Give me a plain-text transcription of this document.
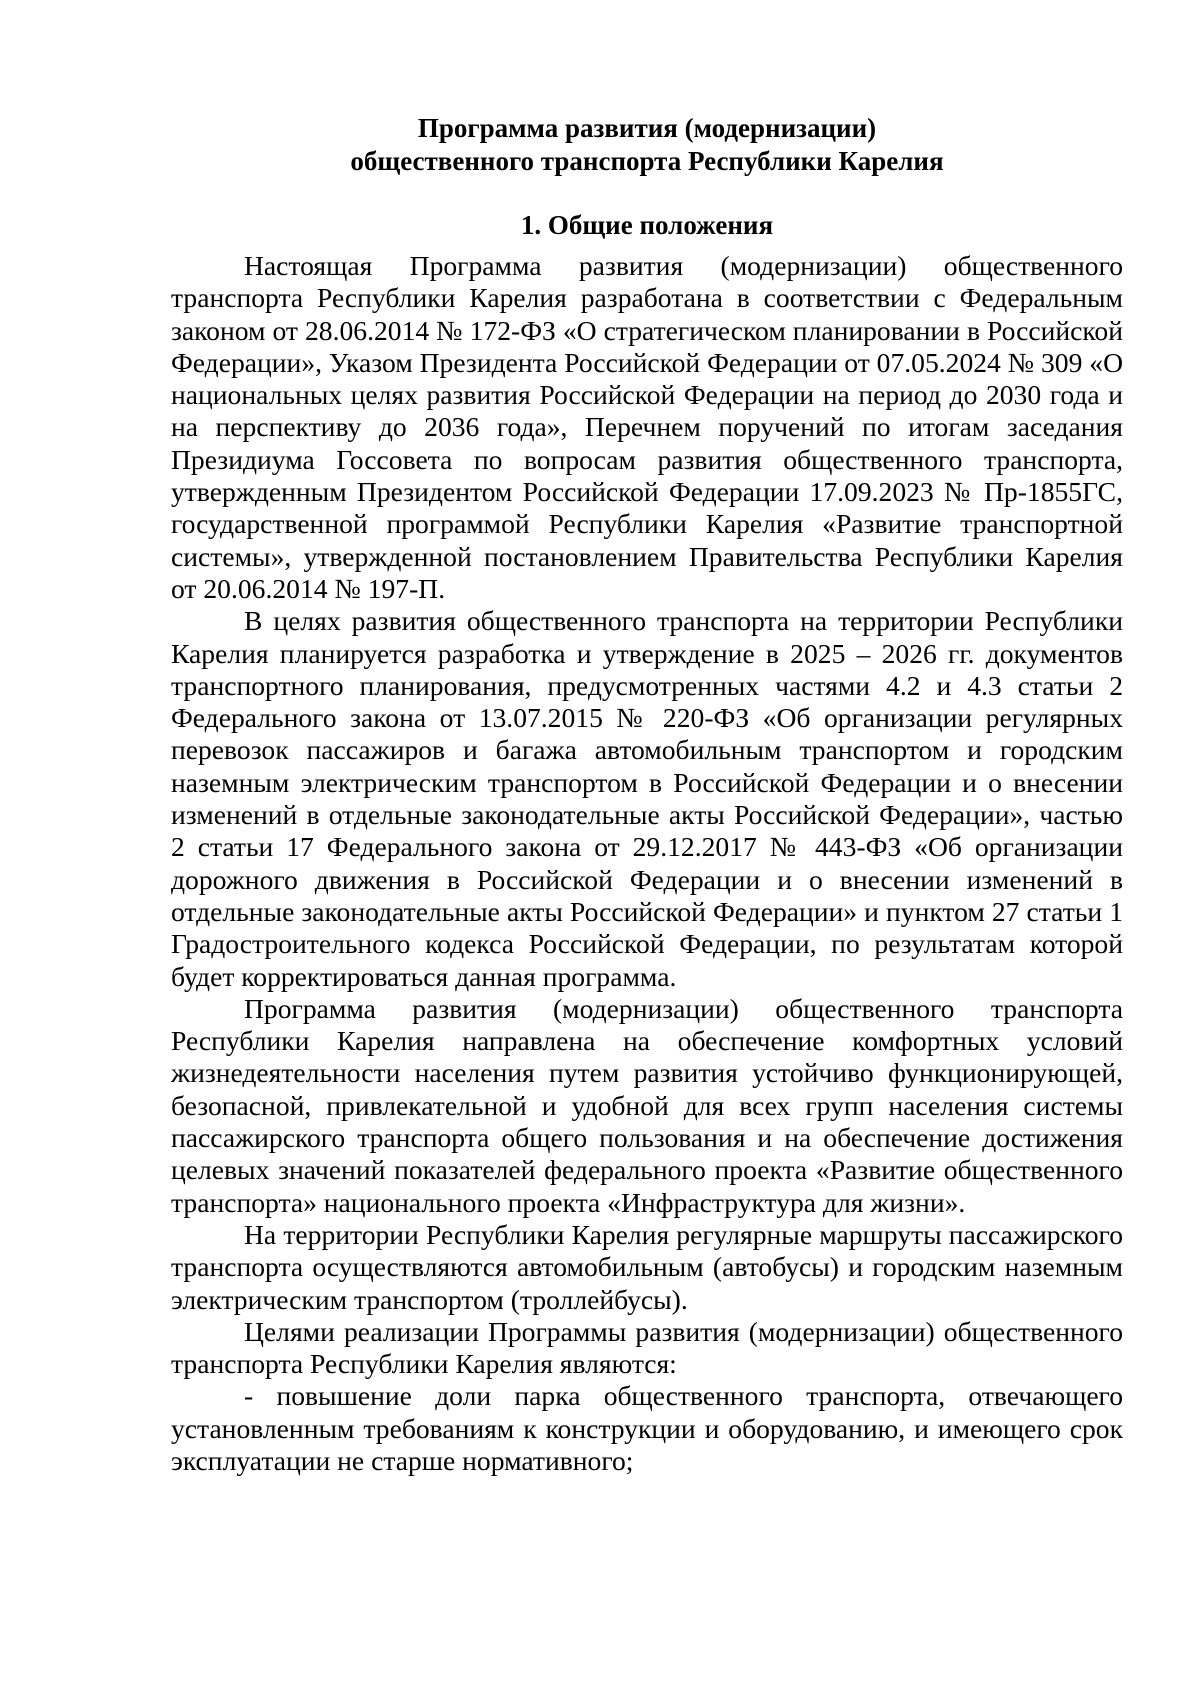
Программа развития (модернизации)

общественного транспорта Республики Карелия

1. Общие положения

Настоящая Программа развития (модернизации) общественного транспорта Республики Карелия разработана в соответствии с Федеральным законом от 28.06.2014 № 172-ФЗ «О стратегическом планировании в Российской Федерации», Указом Президента Российской Федерации от 07.05.2024 № 309 «О национальных целях развития Российской Федерации на период до 2030 года и на перспективу до 2036 года», Перечнем поручений по итогам заседания Президиума Госсовета по вопросам развития общественного транспорта, утвержденным Президентом Российской Федерации 17.09.2023 № Пр-1855ГС, государственной программой Республики Карелия «Развитие транспортной системы», утвержденной постановлением Правительства Республики Карелия от 20.06.2014 № 197-П.

В целях развития общественного транспорта на территории Республики Карелия планируется разработка и утверждение в 2025 – 2026 гг. документов транспортного планирования, предусмотренных частями 4.2 и 4.3 статьи 2 Федерального закона от 13.07.2015 № 220-ФЗ «Об организации регулярных перевозок пассажиров и багажа автомобильным транспортом и городским наземным электрическим транспортом в Российской Федерации и о внесении изменений в отдельные законодательные акты Российской Федерации», частью 2 статьи 17 Федерального закона от 29.12.2017 № 443-ФЗ «Об организации дорожного движения в Российской Федерации и о внесении изменений в отдельные законодательные акты Российской Федерации» и пунктом 27 статьи 1 Градостроительного кодекса Российской Федерации, по результатам которой будет корректироваться данная программа.

Программа развития (модернизации) общественного транспорта Республики Карелия направлена на обеспечение комфортных условий жизнедеятельности населения путем развития устойчиво функционирующей, безопасной, привлекательной и удобной для всех групп населения системы пассажирского транспорта общего пользования и на обеспечение достижения целевых значений показателей федерального проекта «Развитие общественного транспорта» национального проекта «Инфраструктура для жизни».

На территории Республики Карелия регулярные маршруты пассажирского транспорта осуществляются автомобильным (автобусы) и городским наземным электрическим транспортом (троллейбусы).

Целями реализации Программы развития (модернизации) общественного транспорта Республики Карелия являются:

- повышение доли парка общественного транспорта, отвечающего установленным требованиям к конструкции и оборудованию, и имеющего срок эксплуатации не старше нормативного;
